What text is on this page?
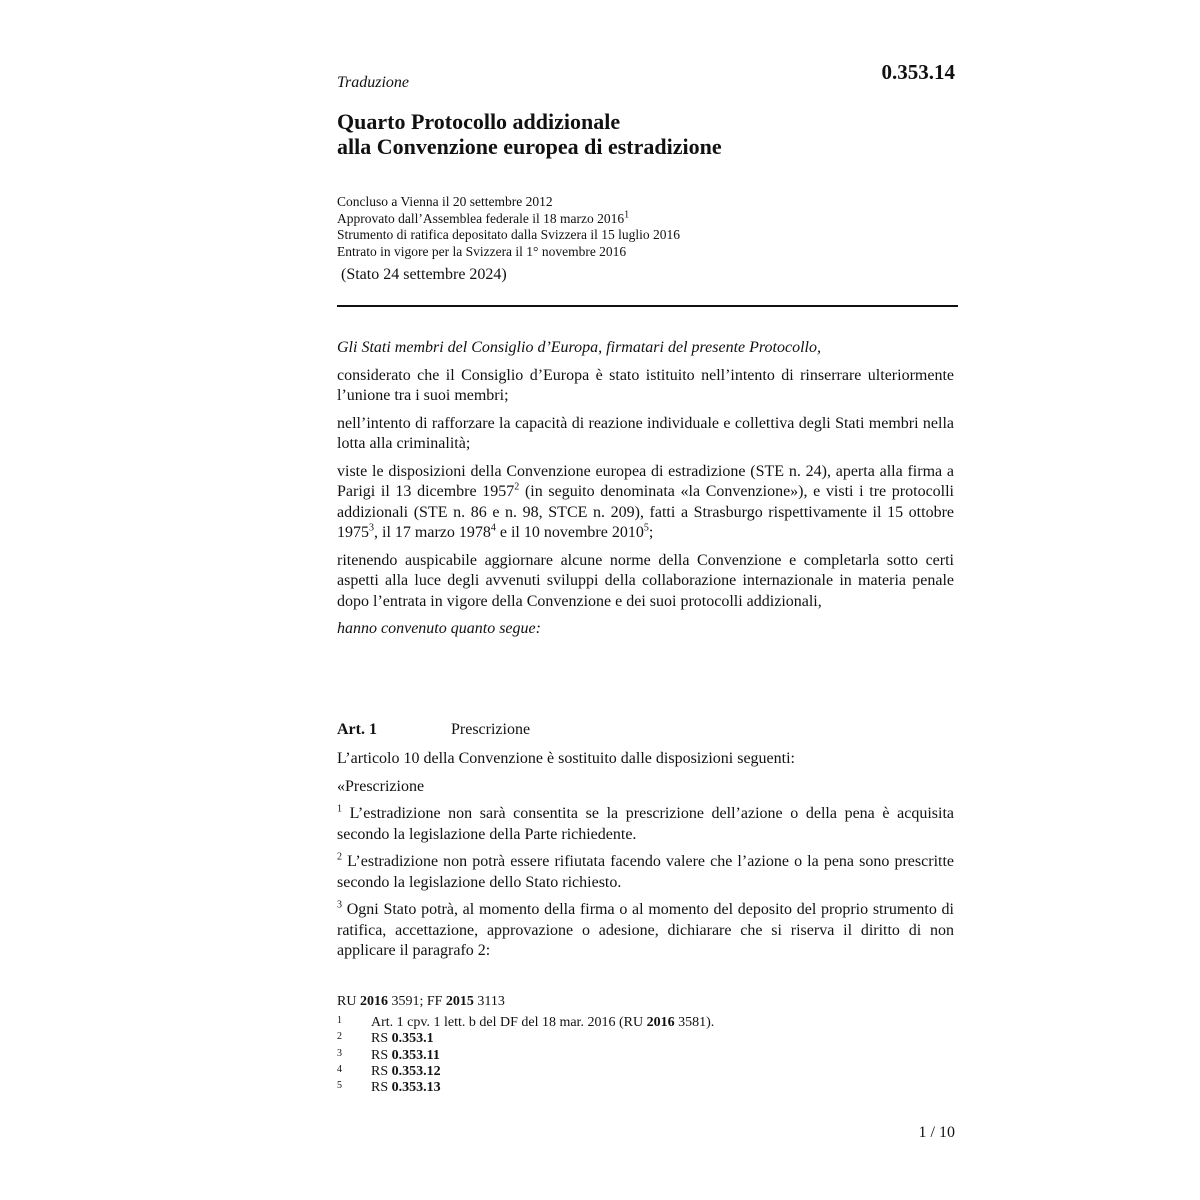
0.353.14
Traduzione
Quarto Protocollo addizionale
alla Convenzione europea di estradizione
Concluso a Vienna il 20 settembre 2012
Approvato dall’Assemblea federale il 18 marzo 2016$^1$
Strumento di ratifica depositato dalla Svizzera il 15 luglio 2016
Entrato in vigore per la Svizzera il 1° novembre 2016
(Stato 24 settembre 2024)

Gli Stati membri del Consiglio d’Europa, firmatari del presente Protocollo,

considerato che il Consiglio d’Europa è stato istituito nell’intento di rinserrare ulteriormente l’unione tra i suoi membri;

nell’intento di rafforzare la capacità di reazione individuale e collettiva degli Stati membri nella lotta alla criminalità;

viste le disposizioni della Convenzione europea di estradizione (STE n. 24), aperta alla firma a Parigi il 13 dicembre 1957$^2$ (in seguito denominata «la Convenzione»), e visti i tre protocolli addizionali (STE n. 86 e n. 98, STCE n. 209), fatti a Strasburgo rispettivamente il 15 ottobre 1975$^3$, il 17 marzo 1978$^4$ e il 10 novembre 2010$^5$;

ritenendo auspicabile aggiornare alcune norme della Convenzione e completarla sotto certi aspetti alla luce degli avvenuti sviluppi della collaborazione internazionale in materia penale dopo l’entrata in vigore della Convenzione e dei suoi protocolli addizionali,

hanno convenuto quanto segue:

Art. 1	Prescrizione

L’articolo 10 della Convenzione è sostituito dalle disposizioni seguenti:

«Prescrizione

$^1$ L’estradizione non sarà consentita se la prescrizione dell’azione o della pena è acquisita secondo la legislazione della Parte richiedente.

$^2$ L’estradizione non potrà essere rifiutata facendo valere che l’azione o la pena sono prescritte secondo la legislazione dello Stato richiesto.

$^3$ Ogni Stato potrà, al momento della firma o al momento del deposito del proprio strumento di ratifica, accettazione, approvazione o adesione, dichiarare che si riserva il diritto di non applicare il paragrafo 2:

RU 2016 3591; FF 2015 3113
1	Art. 1 cpv. 1 lett. b del DF del 18 mar. 2016 (RU 2016 3581).
2	RS 0.353.1
3	RS 0.353.11
4	RS 0.353.12
5	RS 0.353.13
1 / 10
